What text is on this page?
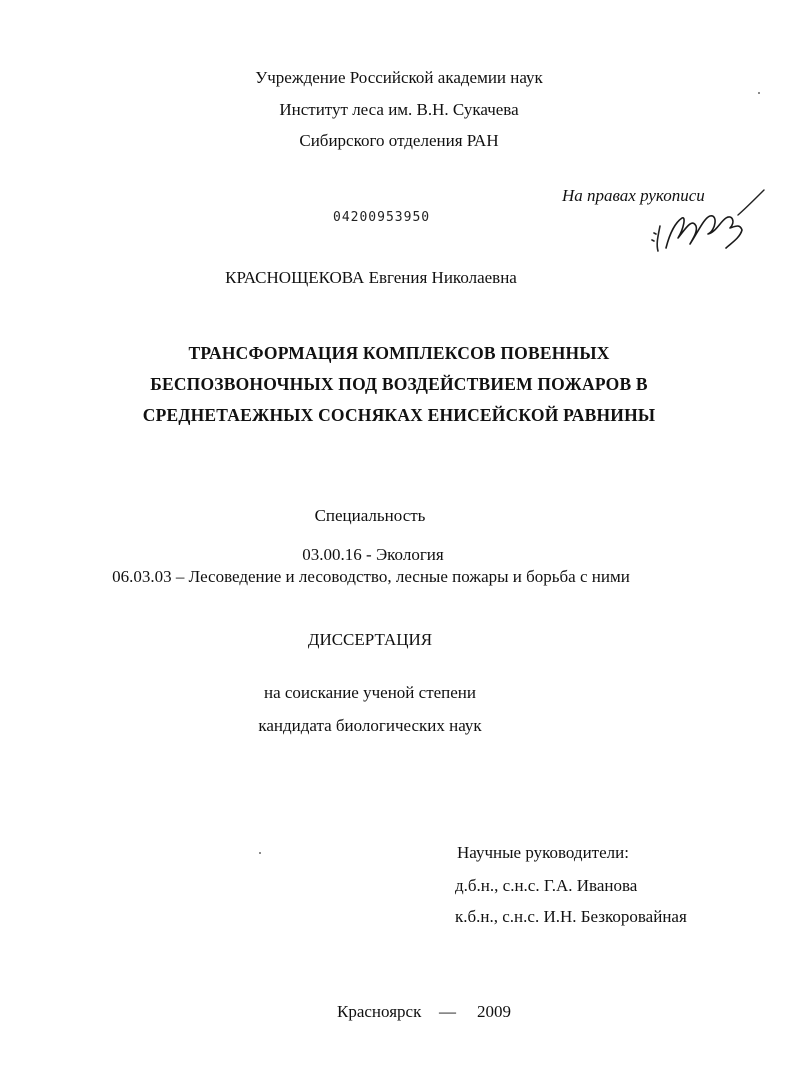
Учреждение Российской академии наук
Институт леса им. В.Н. Сукачева
Сибирского отделения РАН
На правах рукописи
04200953950
КРАСНОЩЕКОВА Евгения Николаевна
ТРАНСФОРМАЦИЯ КОМПЛЕКСОВ ПОВЕННЫХ
БЕСПОЗВОНОЧНЫХ ПОД ВОЗДЕЙСТВИЕМ ПОЖАРОВ В
СРЕДНЕТАЕЖНЫХ СОСНЯКАХ ЕНИСЕЙСКОЙ РАВНИНЫ
Специальность
03.00.16 - Экология
06.03.03 – Лесоведение и лесоводство, лесные пожары и борьба с ними
ДИССЕРТАЦИЯ
на соискание ученой степени
кандидата биологических наук
Научные руководители:
д.б.н., с.н.с. Г.А. Иванова
к.б.н., с.н.с. И.Н. Безкоровайная
Красноярск — 2009
